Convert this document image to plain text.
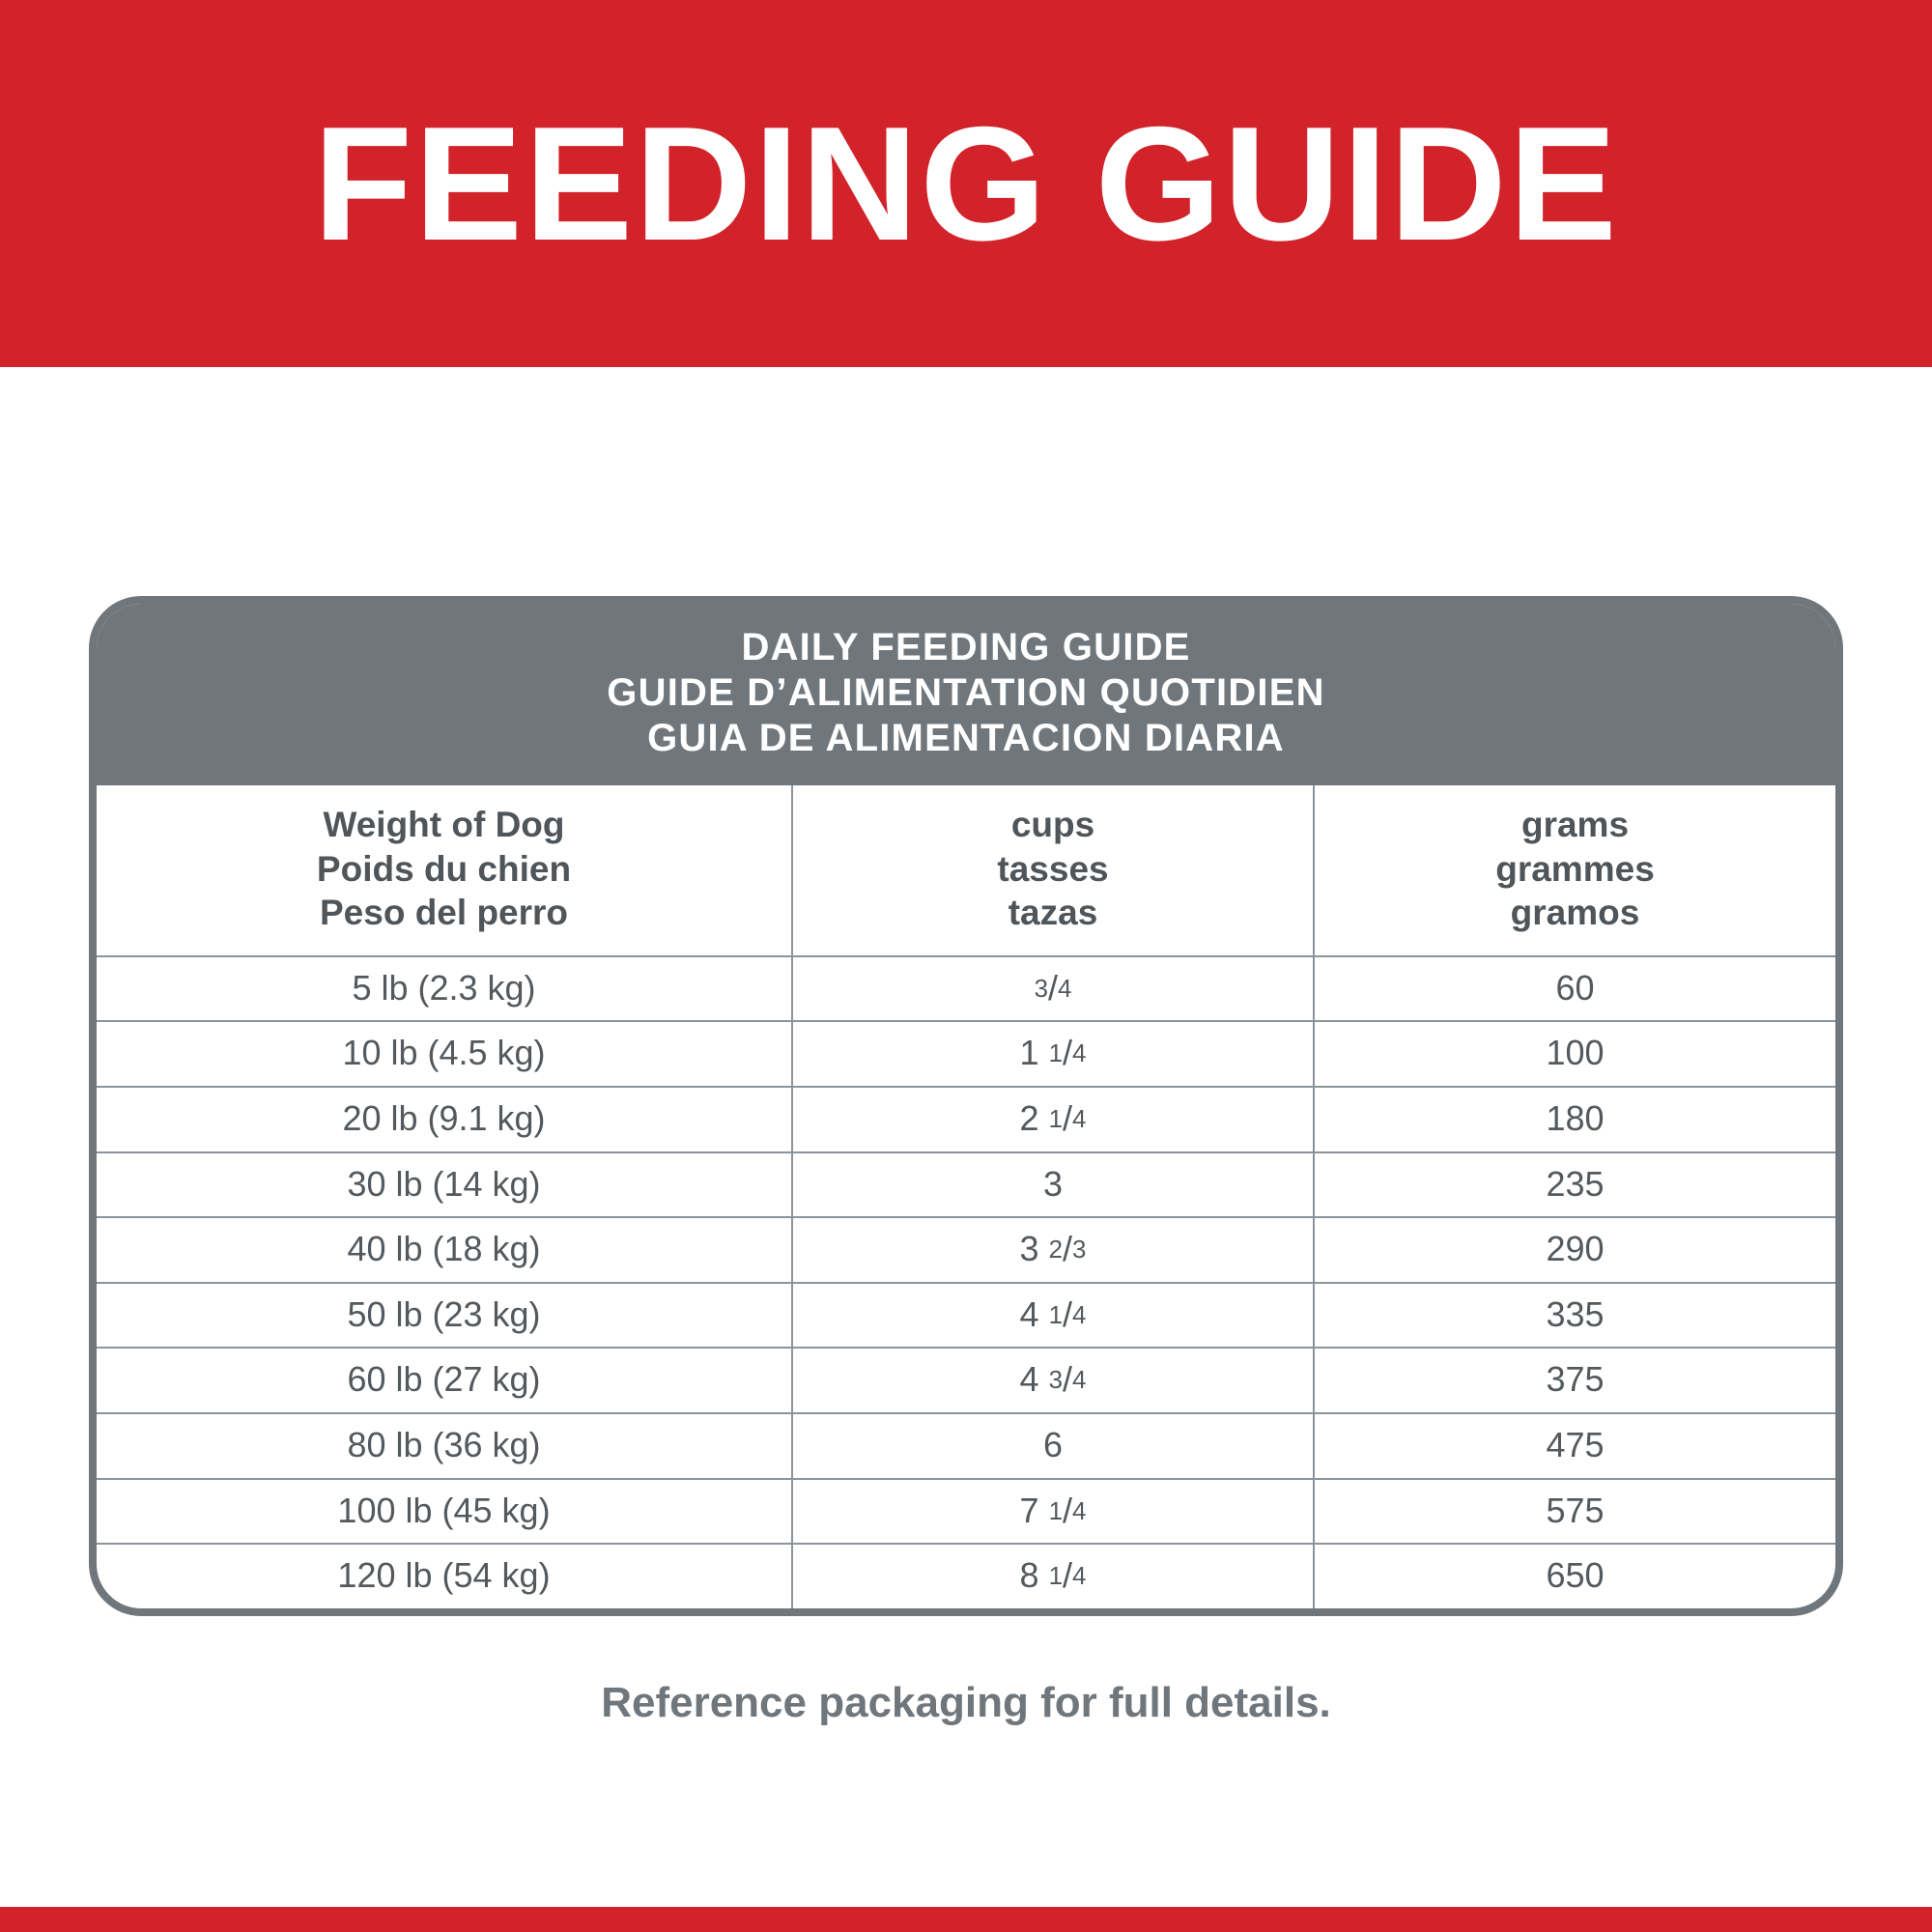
FEEDING GUIDE
DAILY FEEDING GUIDE
GUIDE D’ALIMENTATION QUOTIDIEN
GUIA DE ALIMENTACION DIARIA
Weight of Dog
Poids du chien
Peso del perro

cups
tasses
tazas

grams
grammes
gramos

5 lb (2.3 kg)	3/4	60
10 lb (4.5 kg)	1 1/4	100
20 lb (9.1 kg)	2 1/4	180
30 lb (14 kg)	3	235
40 lb (18 kg)	3 2/3	290
50 lb (23 kg)	4 1/4	335
60 lb (27 kg)	4 3/4	375
80 lb (36 kg)	6	475
100 lb (45 kg)	7 1/4	575
120 lb (54 kg)	8 1/4	650
Reference packaging for full details.
